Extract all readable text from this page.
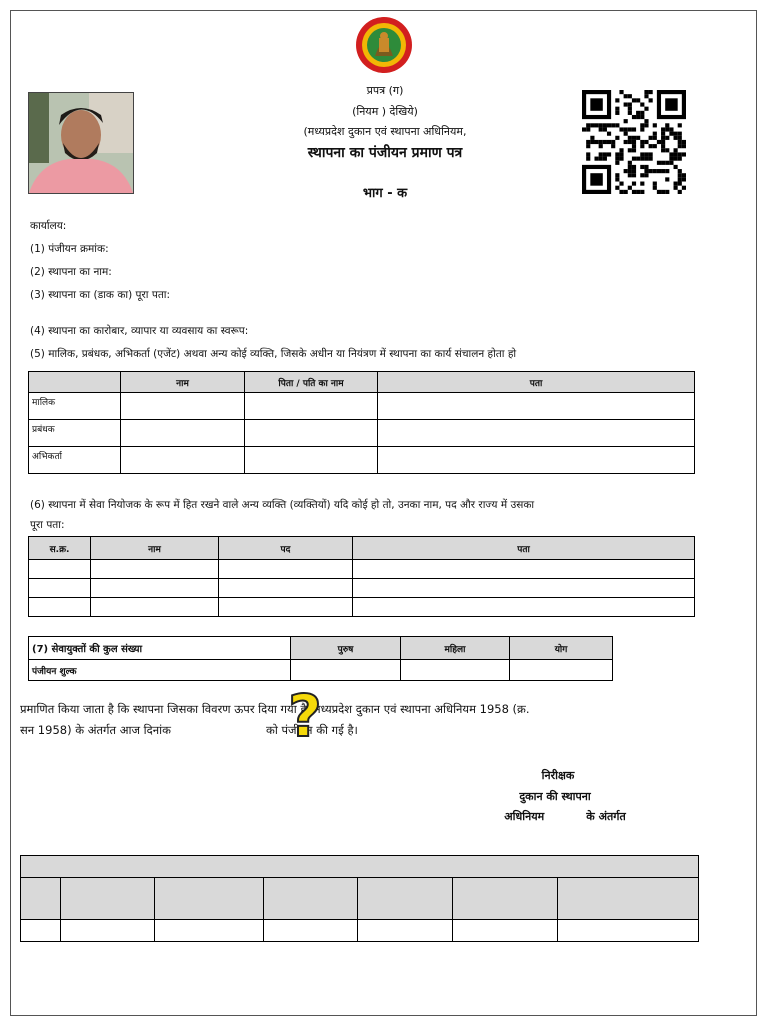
प्रपत्र (ग)
(नियम ) देखिये)
(मध्यप्रदेश दुकान एवं स्थापना अधिनियम,
स्थापना का पंजीयन प्रमाण पत्र
भाग - क
कार्यालय:
(1) पंजीयन क्रमांक:
(2) स्थापना का नाम:
(3) स्थापना का (डाक का) पूरा पता:
(4) स्थापना का कारोबार, व्यापार या व्यवसाय का स्वरूप:
(5) मालिक, प्रबंधक, अभिकर्ता (एजेंट) अथवा अन्य कोई व्यक्ति, जिसके अधीन या नियंत्रण में स्थापना का कार्य संचालन होता हो
	नाम	पिता / पति का नाम	पता
मालिक			
प्रबंधक			
अभिकर्ता			
(6) स्थापना में सेवा नियोजक के रूप में हित रखने वाले अन्य व्यक्ति (व्यक्तियों) यदि कोई हो तो, उनका नाम, पद और राज्य में उसका
पूरा पता:
स.क्र.	नाम	पद	पता

(7) सेवायुक्तों की कुल संख्या	पुरुष	महिला	योग
पंजीयन शुल्क			
प्रमाणित किया जाता है कि स्थापना जिसका विवरण ऊपर दिया गया है, मध्यप्रदेश दुकान एवं स्थापना अधिनियम 1958 (क्र.
सन 1958) के अंतर्गत आज दिनांक                          को पंजीयन की गई है।
?
निरीक्षक
दुकान की स्थापना
अधिनियम           के अंतर्गत
